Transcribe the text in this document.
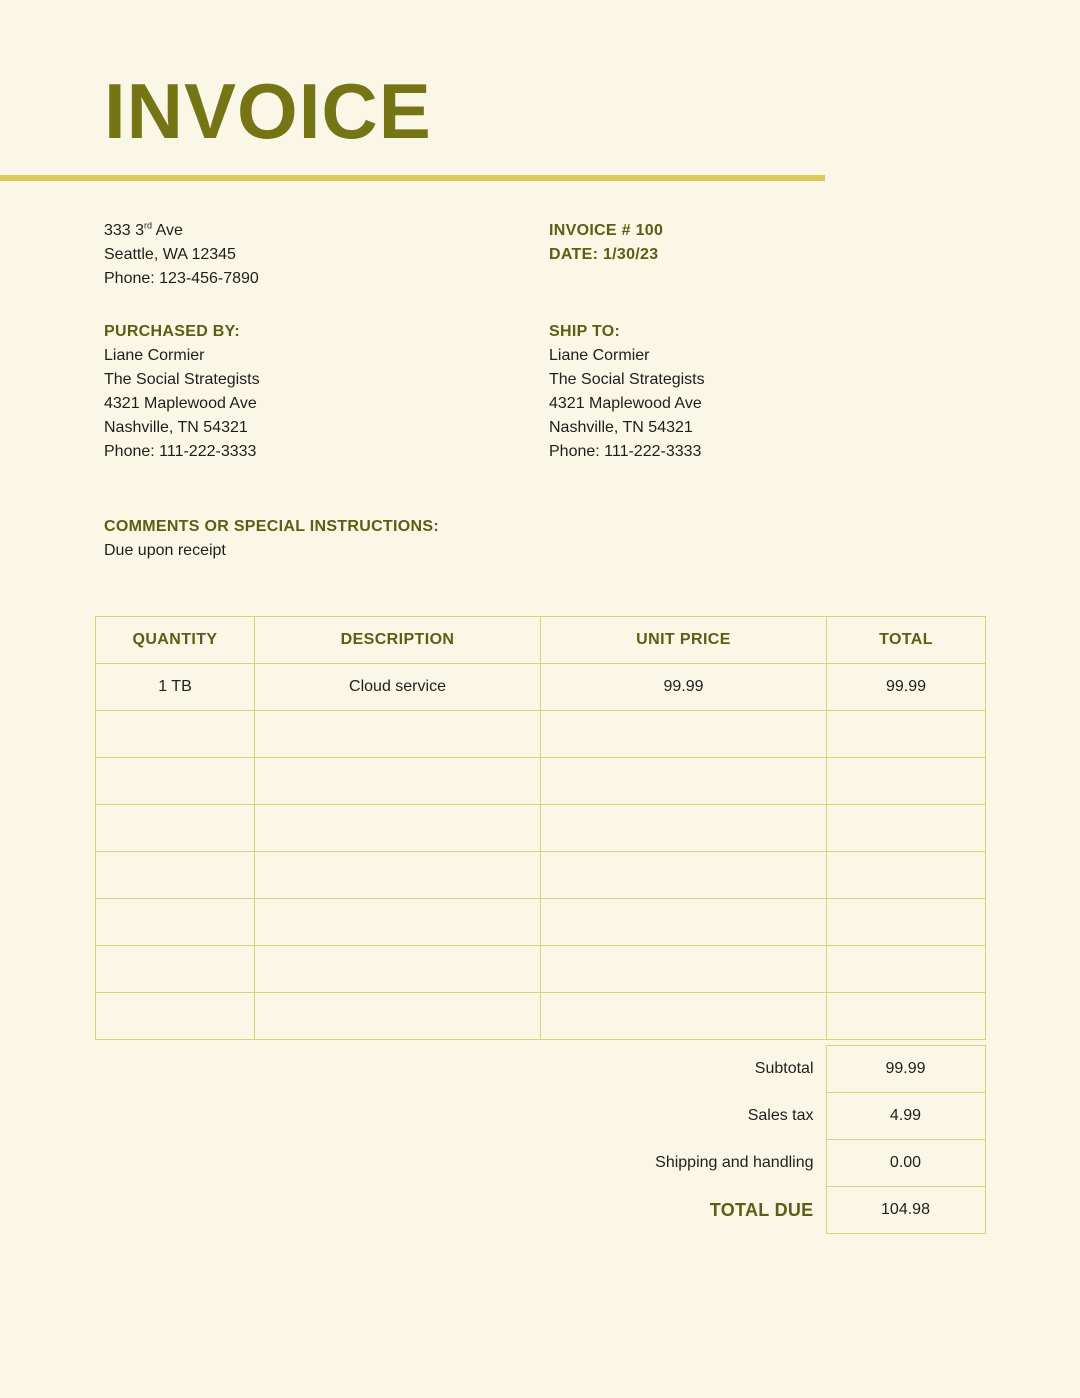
INVOICE
333 3rd Ave
Seattle, WA 12345
Phone: 123-456-7890
INVOICE # 100
DATE: 1/30/23
PURCHASED BY:
Liane Cormier
The Social Strategists
4321 Maplewood Ave
Nashville, TN 54321
Phone: 111-222-3333
SHIP TO:
Liane Cormier
The Social Strategists
4321 Maplewood Ave
Nashville, TN 54321
Phone: 111-222-3333
COMMENTS OR SPECIAL INSTRUCTIONS:
Due upon receipt
QUANTITY	DESCRIPTION	UNIT PRICE	TOTAL
1 TB	Cloud service	99.99	99.99

Subtotal	99.99
Sales tax	4.99
Shipping and handling	0.00
TOTAL DUE	104.98
